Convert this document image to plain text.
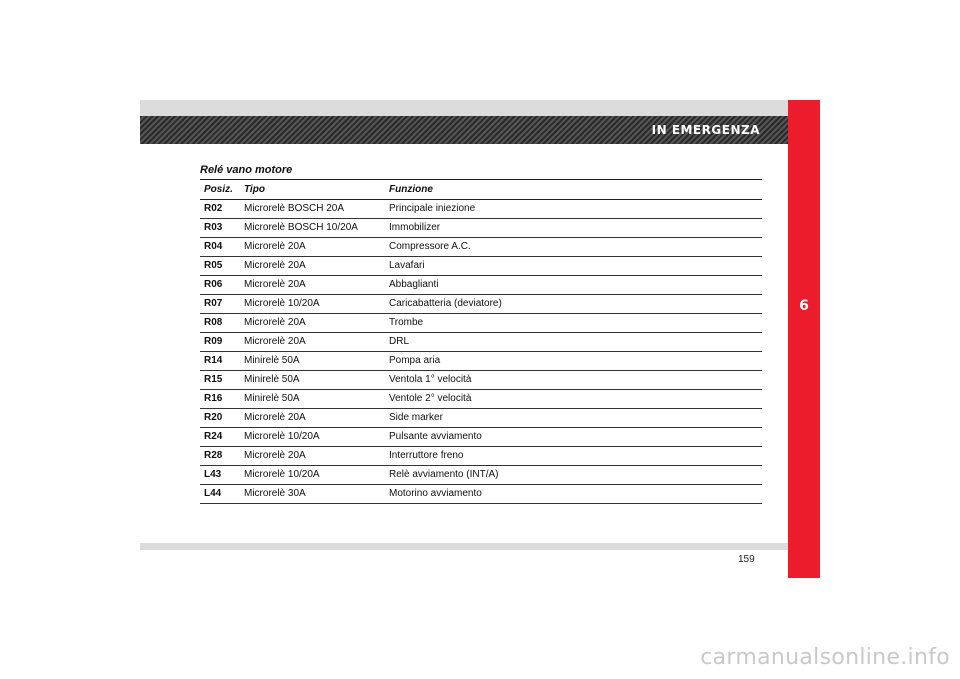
IN EMERGENZA
6
Relé vano motore
Posiz.	Tipo	Funzione
R02	Microrelè BOSCH 20A	Principale iniezione
R03	Microrelè BOSCH 10/20A	Immobilizer
R04	Microrelè 20A	Compressore A.C.
R05	Microrelè 20A	Lavafari
R06	Microrelè 20A	Abbaglianti
R07	Microrelè 10/20A	Caricabatteria (deviatore)
R08	Microrelè 20A	Trombe
R09	Microrelè 20A	DRL
R14	Minirelè 50A	Pompa aria
R15	Minirelè 50A	Ventola 1° velocità
R16	Minirelè 50A	Ventole 2° velocità
R20	Microrelè 20A	Side marker
R24	Microrelè 10/20A	Pulsante avviamento
R28	Microrelè 20A	Interruttore freno
L43	Microrelè 10/20A	Relè avviamento (INT/A)
L44	Microrelè 30A	Motorino avviamento
159
carmanualsonline.info
